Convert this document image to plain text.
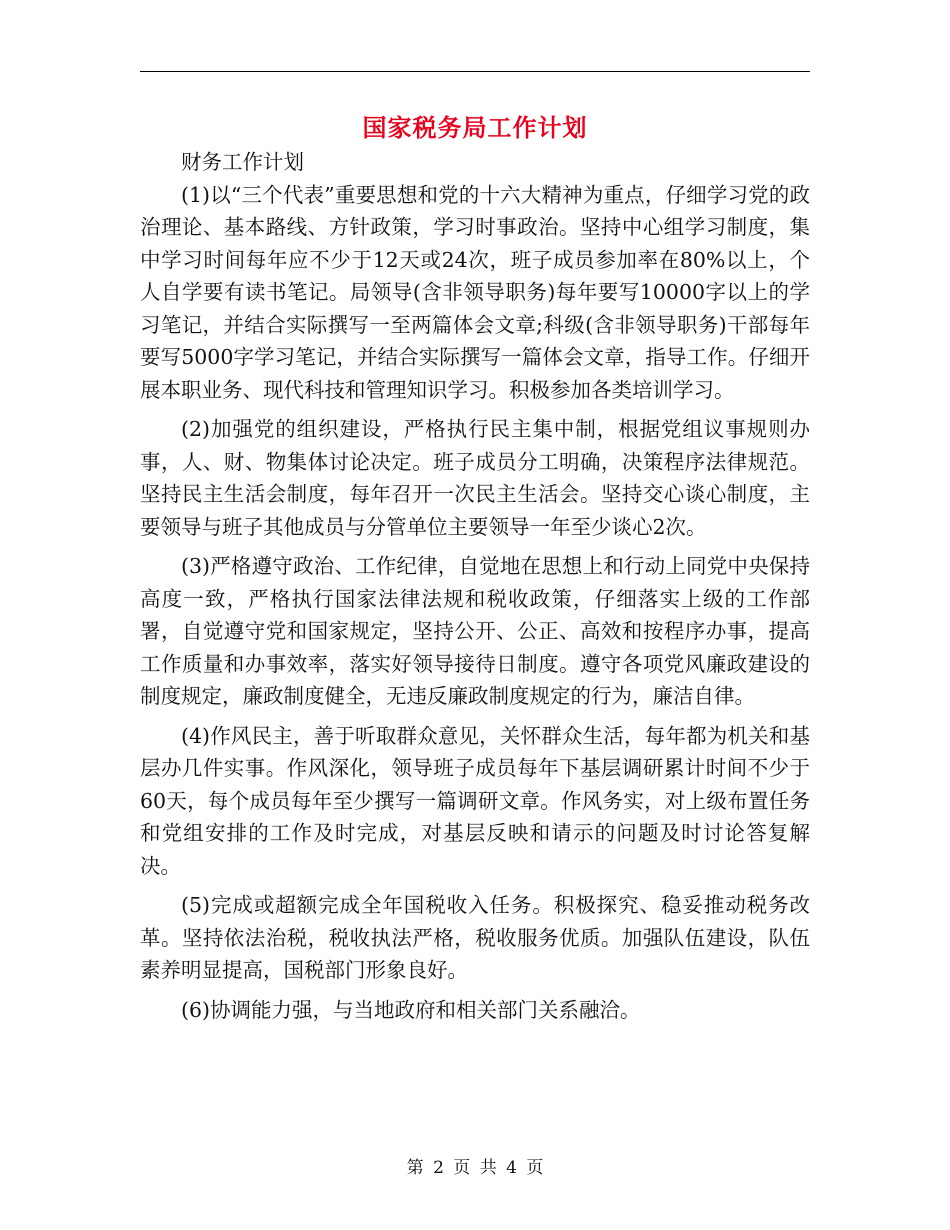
国家税务局工作计划

财务工作计划

(1)以“三个代表”重要思想和党的十六大精神为重点，仔细学习党的政治理论、基本路线、方针政策，学习时事政治。坚持中心组学习制度，集中学习时间每年应不少于12天或24次，班子成员参加率在80%以上，个人自学要有读书笔记。局领导(含非领导职务)每年要写10000字以上的学习笔记，并结合实际撰写一至两篇体会文章;科级(含非领导职务)干部每年要写5000字学习笔记，并结合实际撰写一篇体会文章，指导工作。仔细开展本职业务、现代科技和管理知识学习。积极参加各类培训学习。

(2)加强党的组织建设，严格执行民主集中制，根据党组议事规则办事，人、财、物集体讨论决定。班子成员分工明确，决策程序法律规范。坚持民主生活会制度，每年召开一次民主生活会。坚持交心谈心制度，主要领导与班子其他成员与分管单位主要领导一年至少谈心2次。

(3)严格遵守政治、工作纪律，自觉地在思想上和行动上同党中央保持高度一致，严格执行国家法律法规和税收政策，仔细落实上级的工作部署，自觉遵守党和国家规定，坚持公开、公正、高效和按程序办事，提高工作质量和办事效率，落实好领导接待日制度。遵守各项党风廉政建设的制度规定，廉政制度健全，无违反廉政制度规定的行为，廉洁自律。

(4)作风民主，善于听取群众意见，关怀群众生活，每年都为机关和基层办几件实事。作风深化，领导班子成员每年下基层调研累计时间不少于60天，每个成员每年至少撰写一篇调研文章。作风务实，对上级布置任务和党组安排的工作及时完成，对基层反映和请示的问题及时讨论答复解决。

(5)完成或超额完成全年国税收入任务。积极探究、稳妥推动税务改革。坚持依法治税，税收执法严格，税收服务优质。加强队伍建设，队伍素养明显提高，国税部门形象良好。

(6)协调能力强，与当地政府和相关部门关系融洽。

第 2 页 共 4 页
